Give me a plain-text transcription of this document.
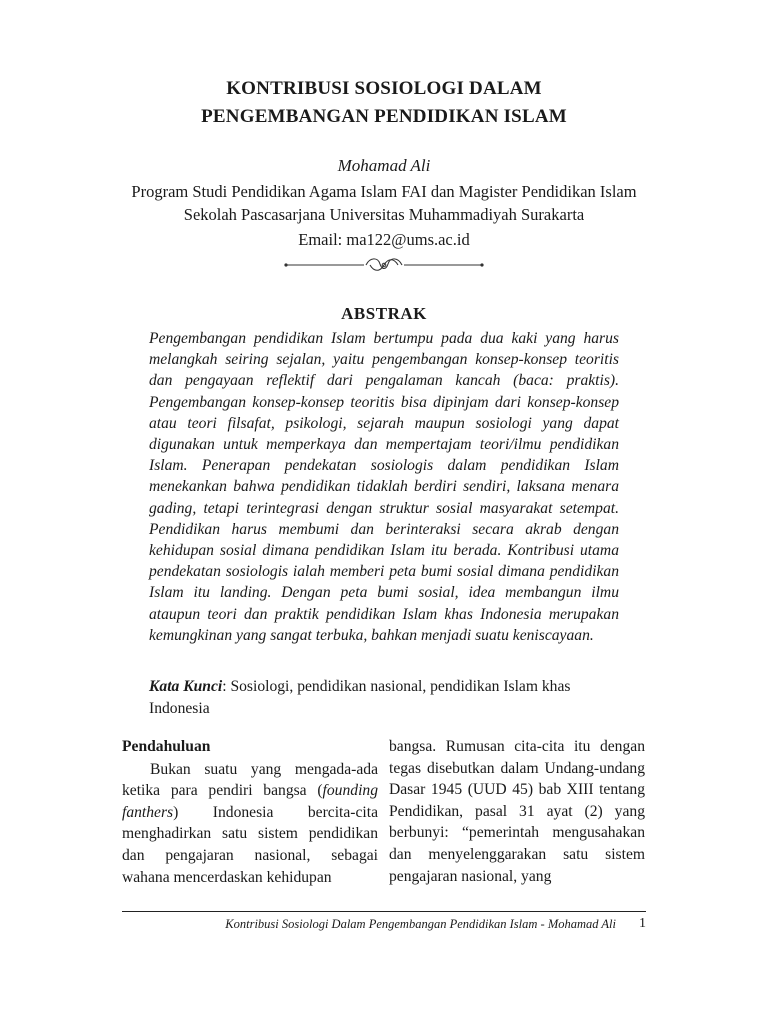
KONTRIBUSI SOSIOLOGI DALAM
PENGEMBANGAN PENDIDIKAN ISLAM
Mohamad Ali
Program Studi Pendidikan Agama Islam FAI dan Magister Pendidikan Islam
Sekolah Pascasarjana Universitas Muhammadiyah Surakarta
Email: ma122@ums.ac.id
ABSTRAK
Pengembangan pendidikan Islam bertumpu pada dua kaki yang harus melangkah seiring sejalan, yaitu pengembangan konsep-konsep teoritis dan pengayaan reflektif dari pengalaman kancah (baca: praktis). Pengembangan konsep-konsep teoritis bisa dipinjam dari konsep-konsep atau teori filsafat, psikologi, sejarah maupun sosiologi yang dapat digunakan untuk memperkaya dan mempertajam teori/ilmu pendidikan Islam. Penerapan pendekatan sosiologis dalam pendidikan Islam menekankan bahwa pendidikan tidaklah berdiri sendiri, laksana menara gading, tetapi terintegrasi dengan struktur sosial masyarakat setempat. Pendidikan harus membumi dan berinteraksi secara akrab dengan kehidupan sosial dimana pendidikan Islam itu berada. Kontribusi utama pendekatan sosiologis ialah memberi peta bumi sosial dimana pendidikan Islam itu landing. Dengan peta bumi sosial, idea membangun ilmu ataupun teori dan praktik pendidikan Islam khas Indonesia merupakan kemungkinan yang sangat terbuka, bahkan menjadi suatu keniscayaan.
Kata Kunci: Sosiologi, pendidikan nasional, pendidikan Islam khas Indonesia
Pendahuluan

Bukan suatu yang mengada-ada ketika para pendiri bangsa (founding fanthers) Indonesia bercita-cita menghadirkan satu sistem pendidikan dan pengajaran nasional, sebagai wahana mencerdaskan kehidupan

bangsa. Rumusan cita-cita itu dengan tegas disebutkan dalam Undang-undang Dasar 1945 (UUD 45) bab XIII tentang Pendidikan, pasal 31 ayat (2) yang berbunyi: “pemerintah mengusahakan dan menyelenggarakan satu sistem pengajaran nasional, yang

Kontribusi Sosiologi Dalam Pengembangan Pendidikan Islam - Mohamad Ali	1
